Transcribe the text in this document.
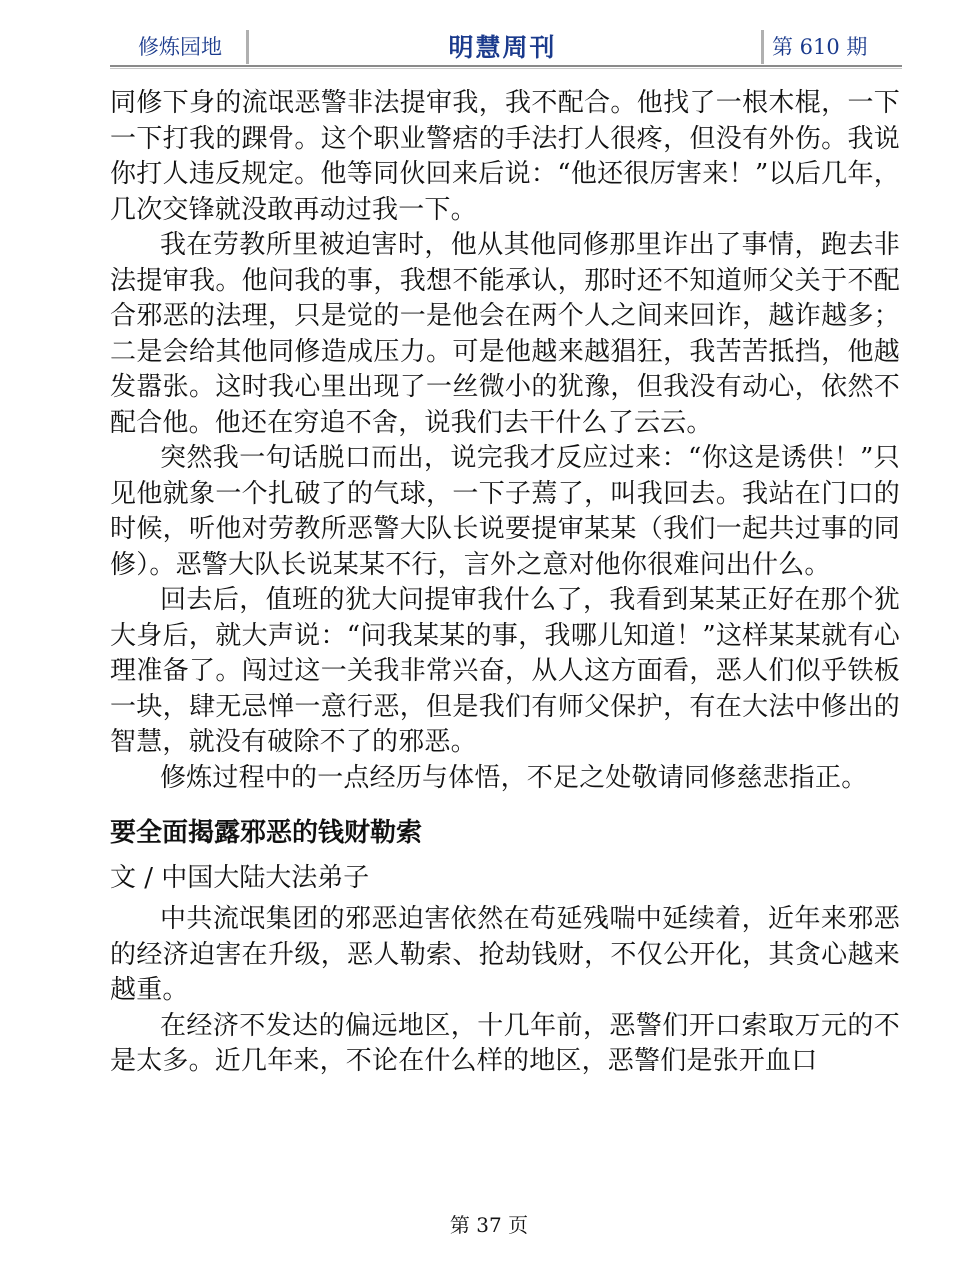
修炼园地	明慧周刊	第 610 期

同修下身的流氓恶警非法提审我，我不配合。他找了一根木棍，一下一下打我的踝骨。这个职业警痞的手法打人很疼，但没有外伤。我说你打人违反规定。他等同伙回来后说：“他还很厉害来！”以后几年，几次交锋就没敢再动过我一下。

我在劳教所里被迫害时，他从其他同修那里诈出了事情，跑去非法提审我。他问我的事，我想不能承认，那时还不知道师父关于不配合邪恶的法理，只是觉的一是他会在两个人之间来回诈，越诈越多；二是会给其他同修造成压力。可是他越来越猖狂，我苦苦抵挡，他越发嚣张。这时我心里出现了一丝微小的犹豫，但我没有动心，依然不配合他。他还在穷追不舍，说我们去干什么了云云。

突然我一句话脱口而出，说完我才反应过来：“你这是诱供！”只见他就象一个扎破了的气球，一下子蔫了，叫我回去。我站在门口的时候，听他对劳教所恶警大队长说要提审某某（我们一起共过事的同修）。恶警大队长说某某不行，言外之意对他你很难问出什么。

回去后，值班的犹大问提审我什么了，我看到某某正好在那个犹大身后，就大声说：“问我某某的事，我哪儿知道！”这样某某就有心理准备了。闯过这一关我非常兴奋，从人这方面看，恶人们似乎铁板一块，肆无忌惮一意行恶，但是我们有师父保护，有在大法中修出的智慧，就没有破除不了的邪恶。

修炼过程中的一点经历与体悟，不足之处敬请同修慈悲指正。

要全面揭露邪恶的钱财勒索

文 / 中国大陆大法弟子

中共流氓集团的邪恶迫害依然在苟延残喘中延续着，近年来邪恶的经济迫害在升级，恶人勒索、抢劫钱财，不仅公开化，其贪心越来越重。

在经济不发达的偏远地区，十几年前，恶警们开口索取万元的不是太多。近几年来，不论在什么样的地区，恶警们是张开血口

第 37 页
